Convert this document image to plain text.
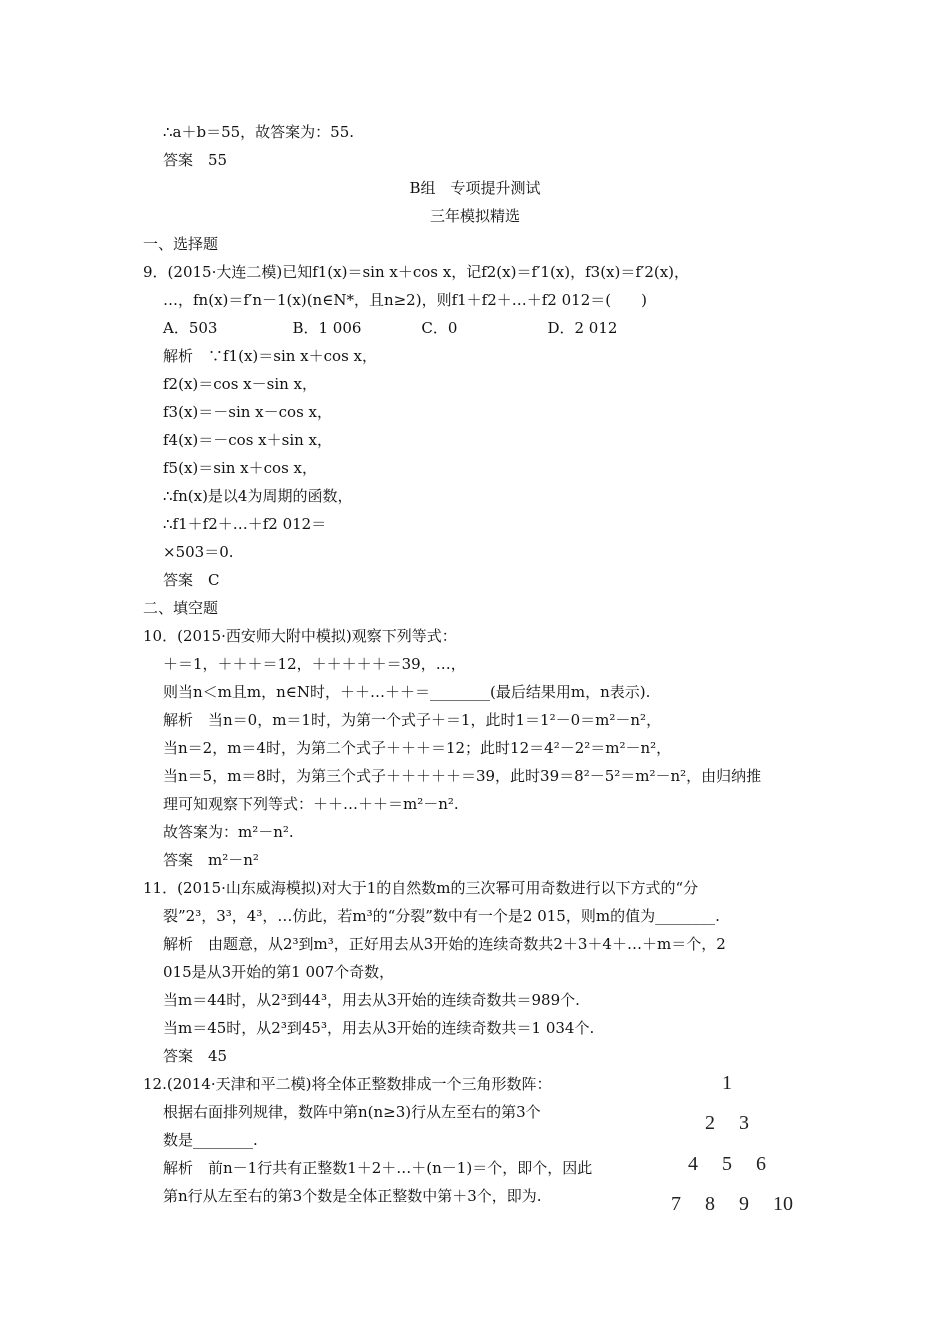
∴a＋b＝55，故答案为：55.
答案　55
B组　专项提升测试
三年模拟精选
一、选择题
9．(2015·大连二模)已知f1(x)＝sin x＋cos x，记f2(x)＝f′1(x)，f3(x)＝f′2(x)，
…，fn(x)＝f′n－1(x)(n∈N*，且n≥2)，则f1＋f2＋…＋f2 012＝(　　)
A．503　　　　　B．1 006　　　　C．0　　　　　　D．2 012
解析　∵f1(x)＝sin x＋cos x，
f2(x)＝cos x－sin x，
f3(x)＝－sin x－cos x，
f4(x)＝－cos x＋sin x，
f5(x)＝sin x＋cos x，
∴fn(x)是以4为周期的函数，
∴f1＋f2＋…＋f2 012＝
×503＝0.
答案　C
二、填空题
10．(2015·西安师大附中模拟)观察下列等式：
＋＝1，＋＋＋＝12，＋＋＋＋＋＝39，…，
则当n＜m且m，n∈N时，＋＋…＋＋＝________(最后结果用m，n表示).
解析　当n＝0，m＝1时，为第一个式子＋＝1，此时1＝1²－0＝m²－n²，
当n＝2，m＝4时，为第二个式子＋＋＋＝12；此时12＝4²－2²＝m²－n²，
当n＝5，m＝8时，为第三个式子＋＋＋＋＋＝39，此时39＝8²－5²＝m²－n²，由归纳推
理可知观察下列等式：＋＋…＋＋＝m²－n².
故答案为：m²－n².
答案　m²－n²
11．(2015·山东威海模拟)对大于1的自然数m的三次幂可用奇数进行以下方式的“分
裂”2³，3³，4³，…仿此，若m³的“分裂”数中有一个是2 015，则m的值为________.
解析　由题意，从2³到m³，正好用去从3开始的连续奇数共2＋3＋4＋…＋m＝个，2
015是从3开始的第1 007个奇数，
当m＝44时，从2³到44³，用去从3开始的连续奇数共＝989个.
当m＝45时，从2³到45³，用去从3开始的连续奇数共＝1 034个.
答案　45
12.(2014·天津和平二模)将全体正整数排成一个三角形数阵：
根据右面排列规律，数阵中第n(n≥3)行从左至右的第3个
数是________.
解析　前n－1行共有正整数1＋2＋…＋(n－1)＝个，即个，因此
第n行从左至右的第3个数是全体正整数中第＋3个，即为.
1
2 3
4 5 6
7 8 9 10
